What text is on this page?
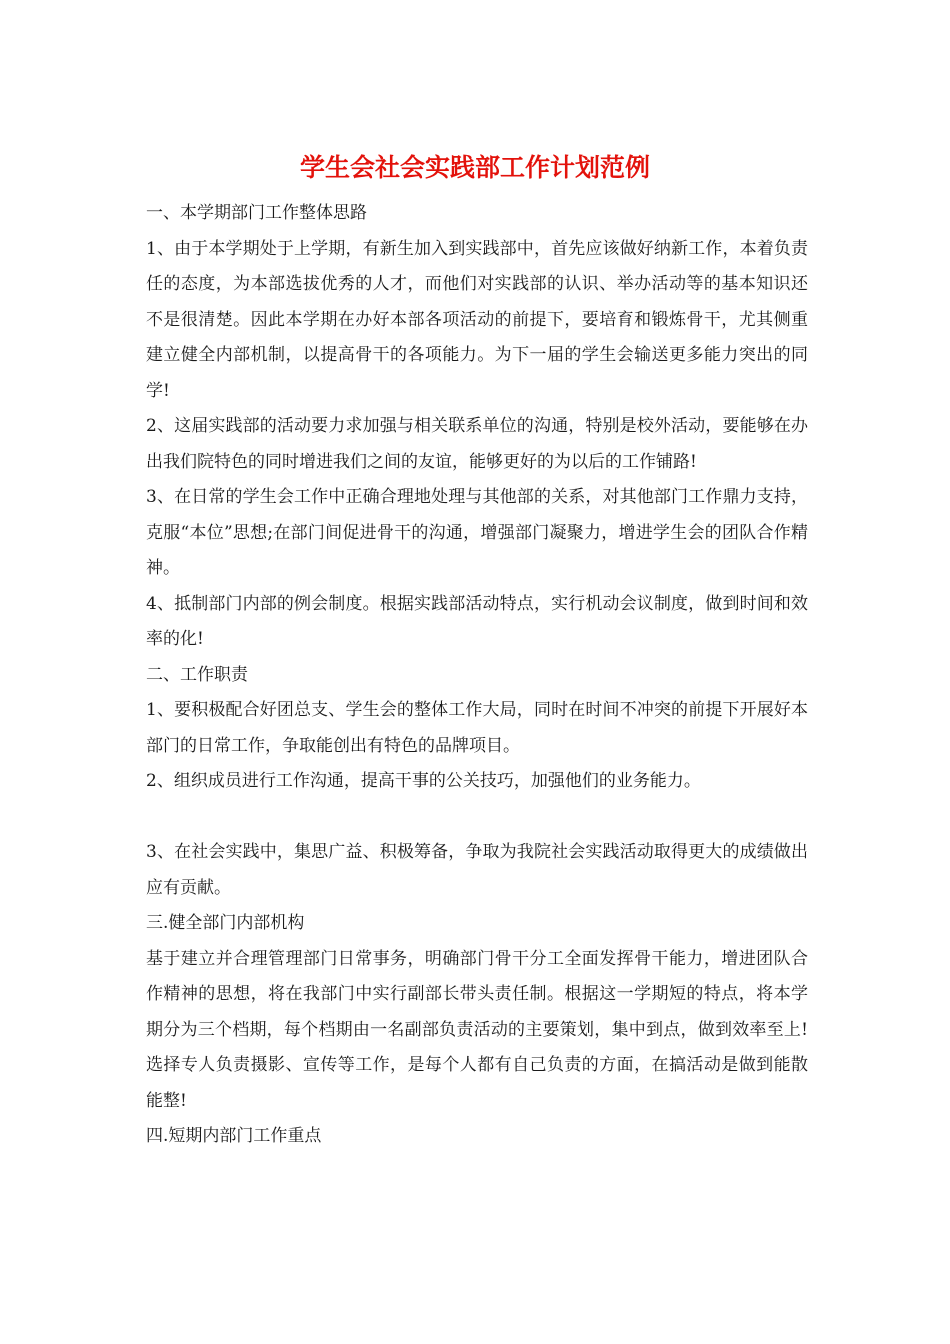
学生会社会实践部工作计划范例

一、本学期部门工作整体思路

1、由于本学期处于上学期，有新生加入到实践部中，首先应该做好纳新工作，本着负责任的态度，为本部选拔优秀的人才，而他们对实践部的认识、举办活动等的基本知识还不是很清楚。因此本学期在办好本部各项活动的前提下，要培育和锻炼骨干，尤其侧重建立健全内部机制，以提高骨干的各项能力。为下一届的学生会输送更多能力突出的同学!

2、这届实践部的活动要力求加强与相关联系单位的沟通，特别是校外活动，要能够在办出我们院特色的同时增进我们之间的友谊，能够更好的为以后的工作铺路!

3、在日常的学生会工作中正确合理地处理与其他部的关系，对其他部门工作鼎力支持，克服“本位”思想;在部门间促进骨干的沟通，增强部门凝聚力，增进学生会的团队合作精神。

4、抵制部门内部的例会制度。根据实践部活动特点，实行机动会议制度，做到时间和效率的化!

二、工作职责

1、要积极配合好团总支、学生会的整体工作大局，同时在时间不冲突的前提下开展好本部门的日常工作，争取能创出有特色的品牌项目。

2、组织成员进行工作沟通，提高干事的公关技巧，加强他们的业务能力。

3、在社会实践中，集思广益、积极筹备，争取为我院社会实践活动取得更大的成绩做出应有贡献。

三.健全部门内部机构

基于建立并合理管理部门日常事务，明确部门骨干分工全面发挥骨干能力，增进团队合作精神的思想，将在我部门中实行副部长带头责任制。根据这一学期短的特点，将本学期分为三个档期，每个档期由一名副部负责活动的主要策划，集中到点，做到效率至上!选择专人负责摄影、宣传等工作，是每个人都有自己负责的方面，在搞活动是做到能散能整!

四.短期内部门工作重点
